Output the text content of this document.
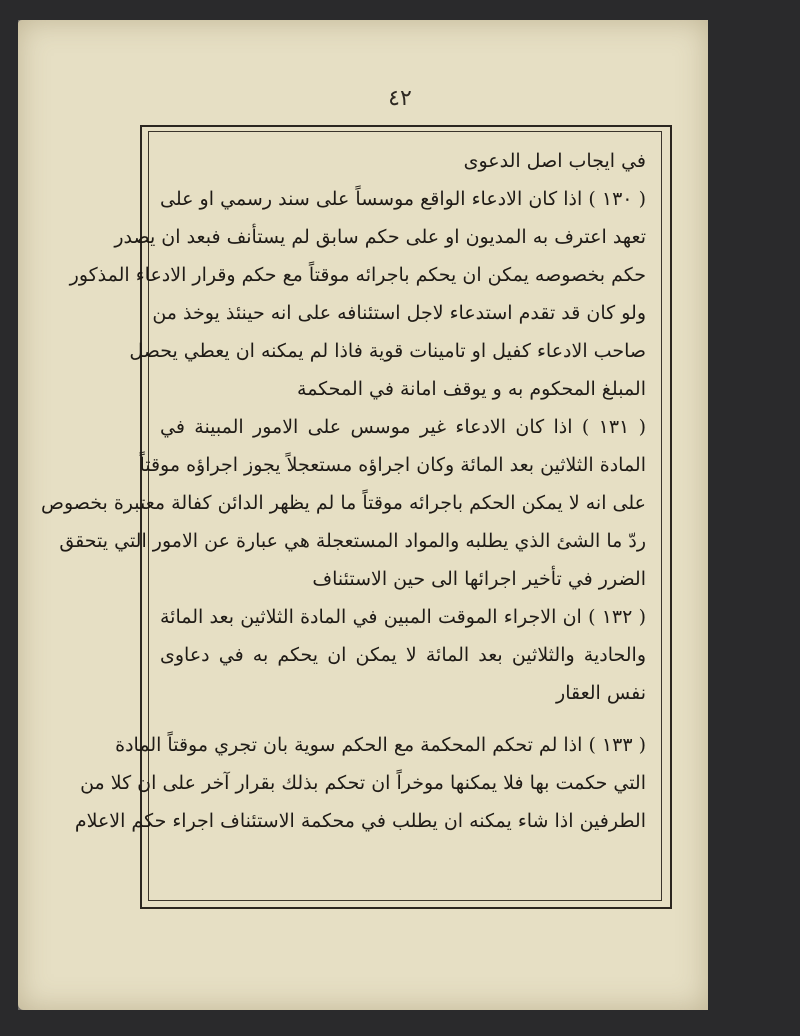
٤٢
في ايجاب اصل الدعوى
( ١٣٠ ) اذا كان الادعاء الواقع موسساً على سند رسمي او على
تعهد اعترف به المديون او على حكم سابق لم يستأنف فبعد ان يصدر
حكم بخصوصه يمكن ان يحكم باجرائه موقتاً مع حكم وقرار الادعاء المذكور
ولو كان قد تقدم استدعاء لاجل استئنافه على انه حينئذ يوخذ من
صاحب الادعاء كفيل او تامينات قوية فاذا لم يمكنه ان يعطي يحصل
المبلغ المحكوم به و يوقف امانة في المحكمة
( ١٣١ ) اذا كان الادعاء غير موسس على الامور المبينة في
المادة الثلاثين بعد المائة وكان اجراؤه مستعجلاً يجوز اجراؤه موقتاً
على انه لا يمكن الحكم باجرائه موقتاً ما لم يظهر الدائن كفالة معتبرة بخصوص
ردّ ما الشئ الذي يطلبه والمواد المستعجلة هي عبارة عن الامور التي يتحقق
الضرر في تأخير اجرائها الى حين الاستئناف
( ١٣٢ ) ان الاجراء الموقت المبين في المادة الثلاثين بعد المائة
والحادية والثلاثين بعد المائة لا يمكن ان يحكم به في دعاوى
نفس العقار
( ١٣٣ ) اذا لم تحكم المحكمة مع الحكم سوية بان تجري موقتاً المادة
التي حكمت بها فلا يمكنها موخراً ان تحكم بذلك بقرار آخر على ان كلا من
الطرفين اذا شاء يمكنه ان يطلب في محكمة الاستئناف اجراء حكم الاعلام
